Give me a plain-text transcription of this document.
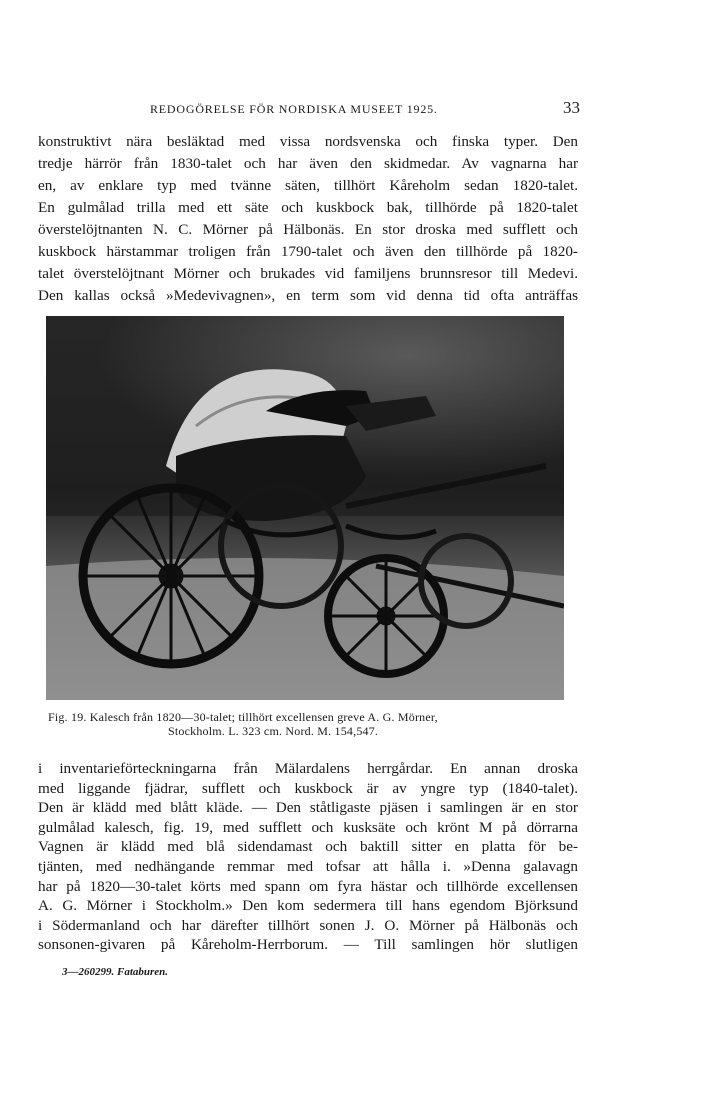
REDOGÖRELSE FÖR NORDISKA MUSEET 1925.	33
konstruktivt nära besläktad med vissa nordsvenska och finska typer. Den
tredje härrör från 1830-talet och har även den skidmedar. Av vagnarna har
en, av enklare typ med tvänne säten, tillhört Kåreholm sedan 1820-talet.
En gulmålad trilla med ett säte och kuskbock bak, tillhörde på 1820-talet
överstelöjtnanten N. C. Mörner på Hälbonäs. En stor droska med sufflett och
kuskbock härstammar troligen från 1790-talet och även den tillhörde på 1820-
talet överstelöjtnant Mörner och brukades vid familjens brunnsresor till Medevi.
Den kallas också »Medevivagnen», en term som vid denna tid ofta anträffas
Fig. 19. Kalesch från 1820—30-talet; tillhört excellensen greve A. G. Mörner,
Stockholm. L. 323 cm. Nord. M. 154,547.
i inventarieförteckningarna från Mälardalens herrgårdar. En annan droska
med liggande fjädrar, sufflett och kuskbock är av yngre typ (1840-talet).
Den är klädd med blått kläde. — Den ståtligaste pjäsen i samlingen är en stor
gulmålad kalesch, fig. 19, med sufflett och kusksäte och krönt M på dörrarna
Vagnen är klädd med blå sidendamast och baktill sitter en platta för be-
tjänten, med nedhängande remmar med tofsar att hålla i. »Denna galavagn
har på 1820—30-talet körts med spann om fyra hästar och tillhörde excellensen
A. G. Mörner i Stockholm.» Den kom sedermera till hans egendom Björksund
i Södermanland och har därefter tillhört sonen J. O. Mörner på Hälbonäs och
sonsonen-givaren på Kåreholm-Herrborum. — Till samlingen hör slutligen
3—260299. Fataburen.
